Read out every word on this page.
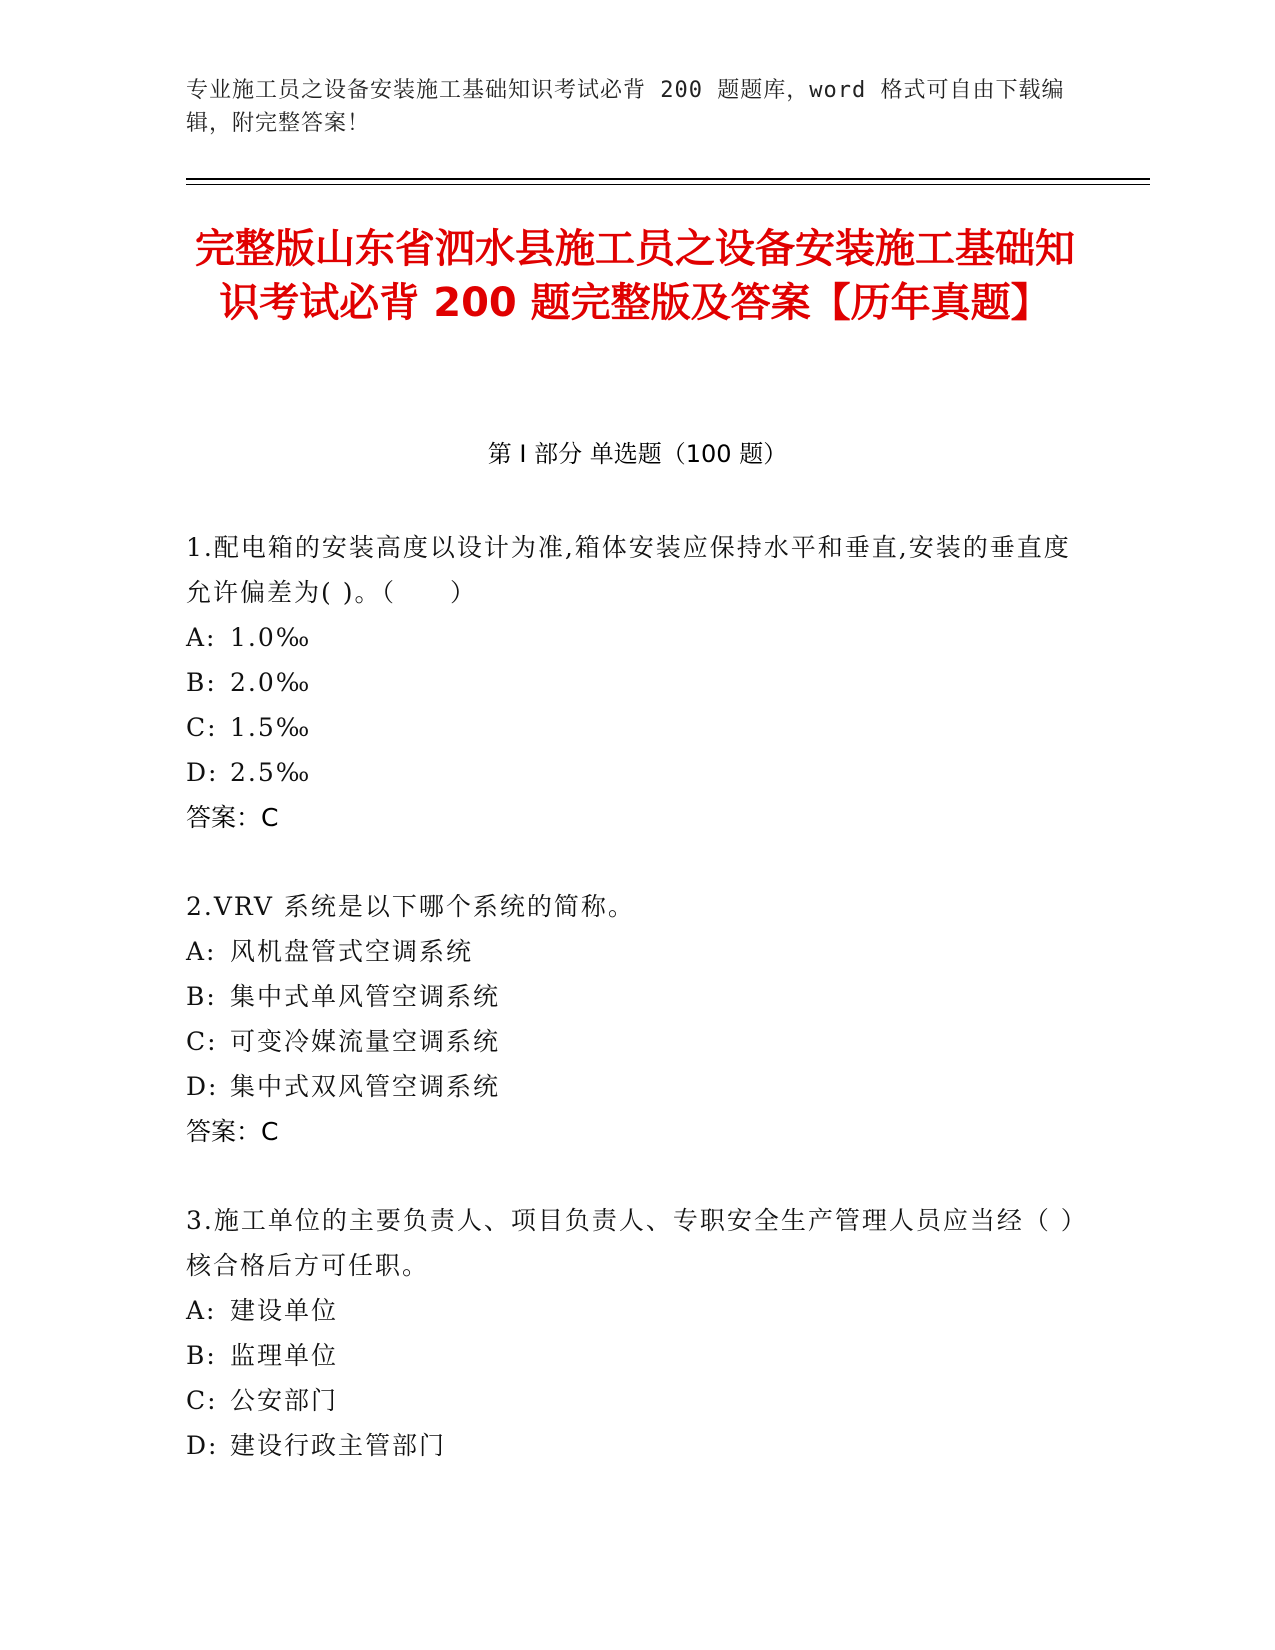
专业施工员之设备安装施工基础知识考试必背 200 题题库，word 格式可自由下载编辑，附完整答案！
完整版山东省泗水县施工员之设备安装施工基础知识考试必背 200 题完整版及答案【历年真题】
第 I 部分 单选题（100 题）
1.配电箱的安装高度以设计为准,箱体安装应保持水平和垂直,安装的垂直度允许偏差为( )。（　　）
A: 1.0‰
B: 2.0‰
C: 1.5‰
D: 2.5‰
答案：C
2.VRV 系统是以下哪个系统的简称。
A: 风机盘管式空调系统
B: 集中式单风管空调系统
C: 可变冷媒流量空调系统
D: 集中式双风管空调系统
答案：C
3.施工单位的主要负责人、项目负责人、专职安全生产管理人员应当经（ ）核合格后方可任职。
A: 建设单位
B: 监理单位
C: 公安部门
D: 建设行政主管部门
